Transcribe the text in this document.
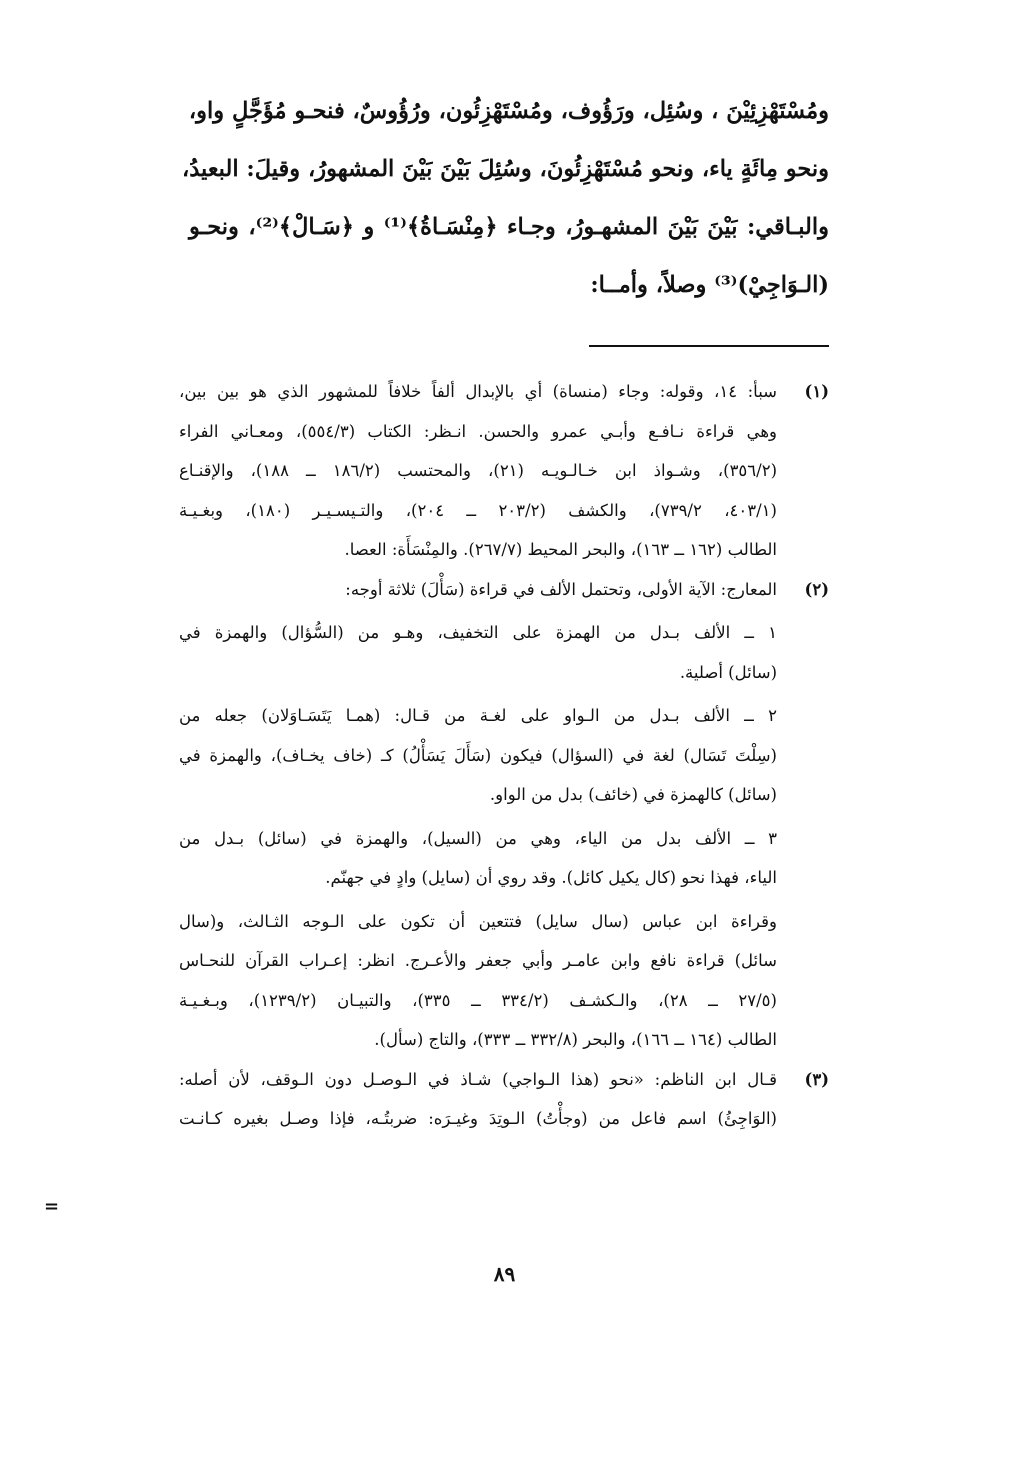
ومُسْتَهْزِئِيْنَ ، وسُئِل، ورَؤُوف، ومُسْتَهْزِئُون، ورُؤُوسٌ، فنحـو مُؤَجَّلٍ واو،
ونحو مِائَةٍ ياء، ونحو مُسْتَهْزِئُونَ، وسُئِلَ بَيْنَ بَيْنَ المشهورُ، وقيلَ: البعيدُ،
والبـاقي: بَيْنَ بَيْنَ المشهـورُ، وجـاء ﴿مِنْسَـاةُ﴾⁽¹⁾ و ﴿سَـالْ﴾⁽²⁾، ونحـو
(الـوَاجِيْ)⁽³⁾ وصلاً، وأمــا:
(١)
سبأ: ١٤، وقوله: وجاء (منساة) أي بالإبدال ألفاً خلافاً للمشهور الذي هو بين بين،
وهي قراءة نـافـع وأبـي عمرو والحسن. انـظر: الكتاب (٥٥٤/٣)، ومعـاني الفراء
(٣٥٦/٢)، وشـواذ ابن خـالـويـه (٢١)، والمحتسب (١٨٦/٢ ــ ١٨٨)، والإقنـاع
(٤٠٣/١، ٧٣٩/٢)، والكشف (٢٠٣/٢ ــ ٢٠٤)، والتـيسـيـر (١٨٠)، وبغـيـة
الطالب (١٦٢ ــ ١٦٣)، والبحر المحيط (٢٦٧/٧). والمِنْسَأَة: العصا.
(٢)
المعارج: الآية الأولى، وتحتمل الألف في قراءة (سَأْلَ) ثلاثة أوجه:
١ ــ الألف بـدل من الهمزة على التخفيف، وهـو من (السُّؤال) والهمزة في
(سائل) أصلية.
٢ ــ الألف بـدل من الـواو على لغـة من قـال: (همـا يَتَسَـاوَلان) جعله من
(سِلْتَ تَسَال) لغة في (السؤال) فيكون (سَأَلَ يَسَأْلُ) كـ (خاف يخـاف)، والهمزة في
(سائل) كالهمزة في (خائف) بدل من الواو.
٣ ــ الألف بدل من الياء، وهي من (السيل)، والهمزة في (سائل) بـدل من
الياء، فهذا نحو (كال يكيل كائل). وقد روي أن (سايل) وادٍ في جهنّم.
وقراءة ابن عباس (سال سايل) فتتعين أن تكون على الـوجه الثـالث، و(سال
سائل) قراءة نافع وابن عامـر وأبي جعفر والأعـرج. انظر: إعـراب القرآن للنحـاس
(٢٧/٥ ــ ٢٨)، والـكشـف (٣٣٤/٢ ــ ٣٣٥)، والتبيـان (١٢٣٩/٢)، وبـغـيـة
الطالب (١٦٤ ــ ١٦٦)، والبحر (٣٣٢/٨ ــ ٣٣٣)، والتاج (سأل).
(٣)
قـال ابن الناظم: «نحو (هذا الـواجي) شـاذ في الـوصـل دون الـوقف، لأن أصله:
(الوَاجِئُ) اسم فاعل من (وجأْتُ) الـوتِدَ وغيـرَه: ضربتُـه، فإذا وصـل بغيره كـانـت
=
٨٩
